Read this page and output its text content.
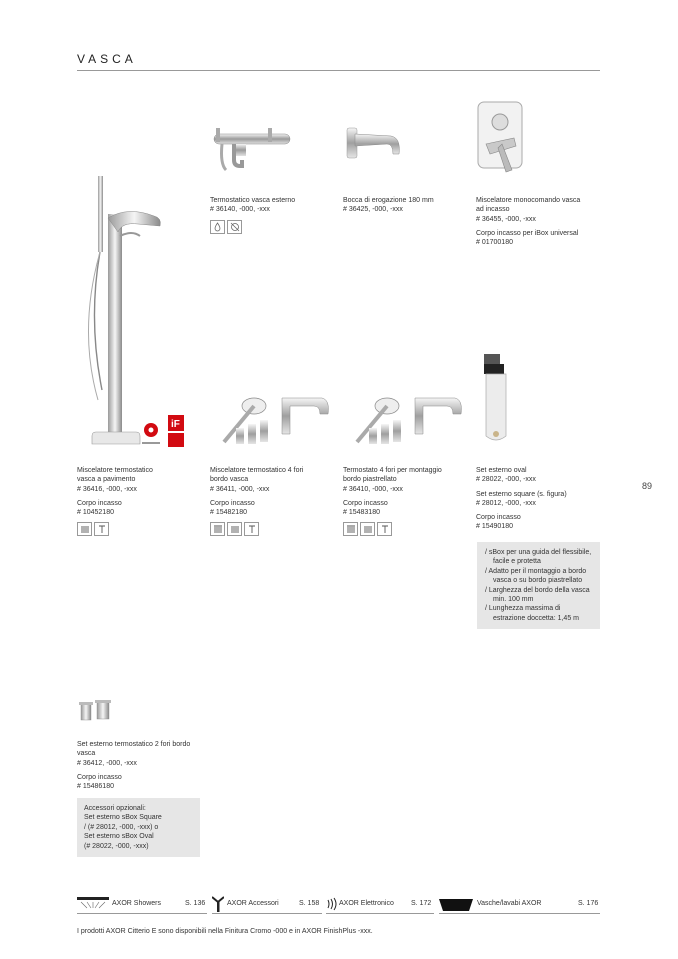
VASCA
89

Termostatico vasca esterno

# 36140, -000, -xxx

Bocca di erogazione 180 mm

# 36425, -000, -xxx

Miscelatore monocomando vasca

ad incasso

# 36455, -000, -xxx

Corpo incasso per iBox universal

# 01700180

iF

Miscelatore termostatico

vasca a pavimento

# 36416, -000, -xxx

Corpo incasso

# 10452180

Miscelatore termostatico 4 fori

bordo vasca

# 36411, -000, -xxx

Corpo incasso

# 15482180

Termostato 4 fori per montaggio

bordo piastrellato

# 36410, -000, -xxx

Corpo incasso

# 15483180

Set esterno oval

# 28022, -000, -xxx

Set esterno square (s. figura)

# 28012, -000, -xxx

Corpo incasso

# 15490180

/ sBox per una guida del flessibile, facile e protetta
/ Adatto per il montaggio a bordo vasca o su bordo piastrellato
/ Larghezza del bordo della vasca min. 100 mm
/ Lunghezza massima di estrazione doccetta: 1,45 m

Set esterno termostatico 2 fori bordo

vasca

# 36412, -000, -xxx

Corpo incasso

# 15486180

Accessori opzionali:

Set esterno sBox Square

/ (# 28012, -000, -xxx) o

Set esterno sBox Oval

(# 28022, -000, -xxx)

AXOR Showers	S. 136	AXOR Accessori	S. 158	AXOR Elettronico S. 172	Vasche/lavabi AXOR	S. 176
I prodotti AXOR Citterio E sono disponibili nella Finitura Cromo -000 e in AXOR FinishPlus -xxx.
